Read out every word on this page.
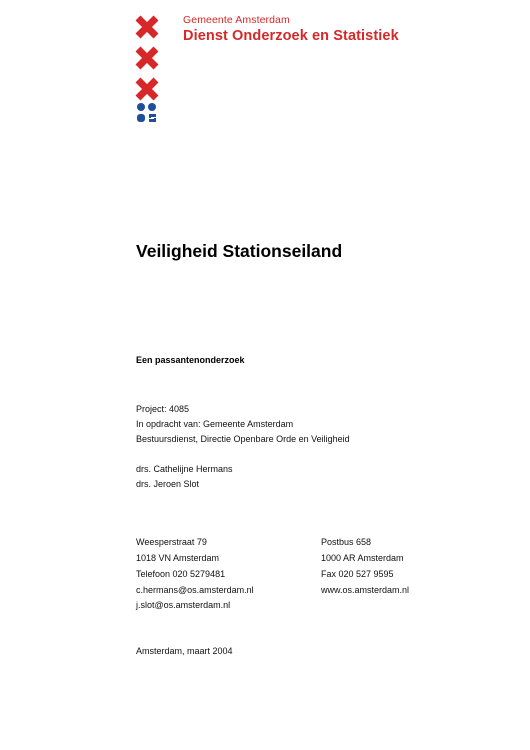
Gemeente Amsterdam
Dienst Onderzoek en Statistiek
Veiligheid Stationseiland
Een passantenonderzoek
Project: 4085
In opdracht van: Gemeente Amsterdam
Bestuursdienst, Directie Openbare Orde en Veiligheid
drs. Cathelijne Hermans
drs. Jeroen Slot
Weesperstraat 79
1018 VN Amsterdam
Telefoon 020 5279481
c.hermans@os.amsterdam.nl
j.slot@os.amsterdam.nl
Postbus 658
1000 AR Amsterdam
Fax 020 527 9595
www.os.amsterdam.nl
Amsterdam, maart 2004
